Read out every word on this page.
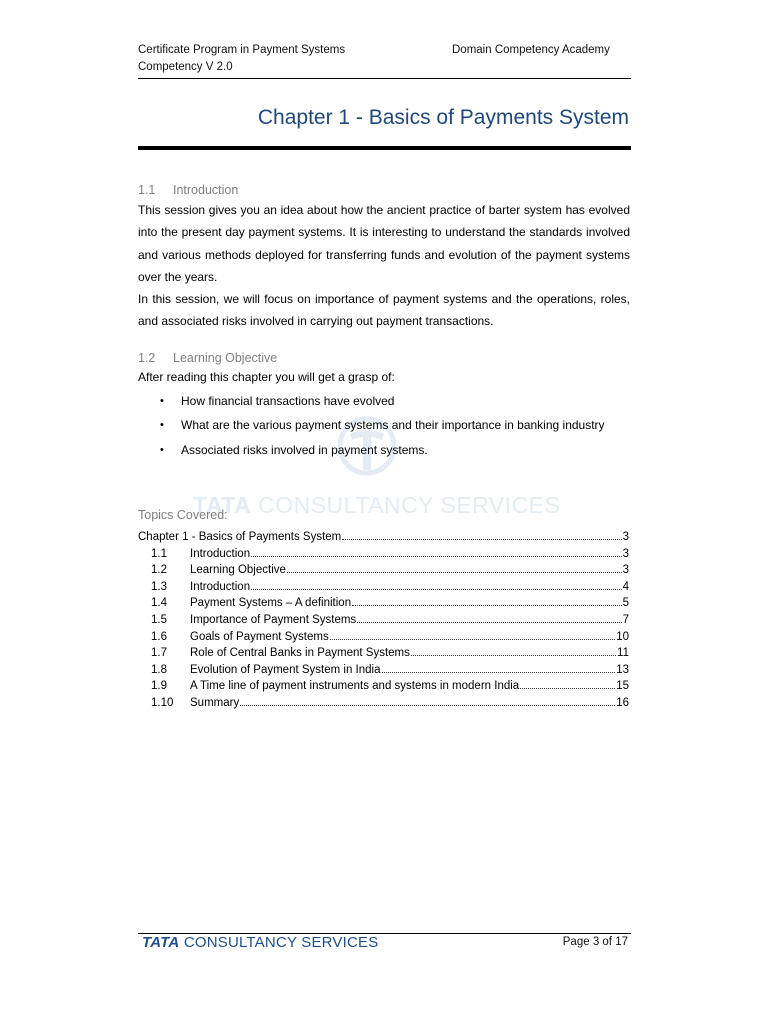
Certificate Program in Payment Systems
Competency V 2.0
Domain Competency Academy
Chapter 1 - Basics of Payments System
TATA CONSULTANCY SERVICES
1.1 Introduction
This session gives you an idea about how the ancient practice of barter system has evolved into the present day payment systems. It is interesting to understand the standards involved and various methods deployed for transferring funds and evolution of the payment systems over the years.
In this session, we will focus on importance of payment systems and the operations, roles, and associated risks involved in carrying out payment transactions.
1.2 Learning Objective
After reading this chapter you will get a grasp of:
• How financial transactions have evolved
• What are the various payment systems and their importance in banking industry
• Associated risks involved in payment systems.
Topics Covered:
Chapter 1 - Basics of Payments System	3
1.1	Introduction	3
1.2	Learning Objective	3
1.3	Introduction	4
1.4	Payment Systems – A definition	5
1.5	Importance of Payment Systems	7
1.6	Goals of Payment Systems	10
1.7	Role of Central Banks in Payment Systems	11
1.8	Evolution of Payment System in India	13
1.9	A Time line of payment instruments and systems in modern India	15
1.10	Summary	16
TATA CONSULTANCY SERVICES	Page 3 of 17
